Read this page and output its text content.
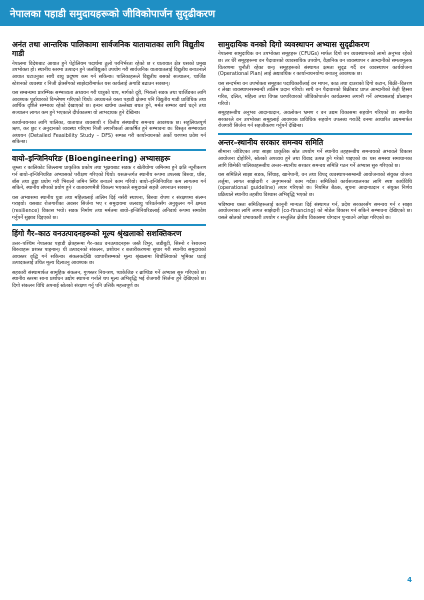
नेपालका पहाडी समुदायहरूको जीविकोपार्जन सुदृढीकरण
अनंत तथा आन्तरिक पालिकामा सार्वजनिक यातायातका लागि विद्युतीय गाडी

नेपालमा विदेशबाट आयात हुने पेट्रोलियम पदार्थमा ठूलो परनिर्भरता रहेको छ र यातायात क्षेत्र यसको प्रमुख उपभोक्ता हो। स्थानीय स्तरमा उत्पादन हुने जलविद्युत्को उपयोग गरी सार्वजनिक यातायातलाई विद्युतीय बनाउनाले आयात घटाउनुका साथै वायु प्रदूषण कम गर्न सकिन्छ। पालिकाहरूले विद्युतीय बसको सञ्चालन, चार्जिङ स्टेशनको व्यवस्था र निजी क्षेत्रसँगको साझेदारीमार्फत यस कार्यलाई अगाडि बढाउन सक्छन्।

यस सम्बन्धमा प्रारम्भिक सम्भाव्यता अध्ययन गरी यात्रुको चाप, मार्गको दूरी, भिरालो सडक तथा चार्जिङका लागि आवश्यक पूर्वाधारको विश्लेषण गरिएको थियो। अध्ययनले यस्ता पहाडी क्षेत्रमा पनि विद्युतीय गाडी प्राविधिक तथा आर्थिक दृष्टिले सम्भाव्य रहेको देखाएको छ। इन्धन खर्चमा उल्लेख्य बचत हुने, मर्मत सम्भार खर्च घट्ने तथा सञ्चालन लागत कम हुने भएकाले दीर्घकालमा यो लाभदायक हुने देखिन्छ।

कार्यान्वयनका लागि पालिका, यातायात व्यवसायी र वित्तीय संस्थाबीच समन्वय आवश्यक छ। सहुलियतपूर्ण ऋण, कर छुट र अनुदानको व्यवस्था गरिएमा निजी लगानीकर्ता आकर्षित हुने सम्भावना छ। विस्तृत सम्भाव्यता अध्ययन (Detailed Feasibility Study – DFS) सम्पन्न गरी कार्यान्वयनको अर्को चरणमा प्रवेश गर्न सकिन्छ।

वायो–इन्जिनियरिङ (Bioengineering) अभ्यासहरू

जुम्ला र कालिकोट जिल्लामा प्राकृतिक प्रकोप तथा भूक्षयबाट सडक र खेतीयोग्य जमिनमा हुने क्षति न्यूनीकरण गर्न बायो–इन्जिनियरिङ अभ्यासको परीक्षण गरिएको थियो। यसअन्तर्गत स्थानीय रूपमा उपलब्ध बिरुवा, घाँस, बाँस तथा ढुङ्गा प्रयोग गरी भिरालो जमिन स्थिर बनाउने काम गरियो। बायो–इन्जिनियरिङ कम लागतमा गर्न सकिने, स्थानीय सीपको प्रयोग हुने र वातावरणमैत्री विकल्प भएकाले समुदायले सहजै अपनाउन सक्छन्।

यस अभ्यासमा स्थानीय युवा तथा महिलालाई तालिम दिई नर्सरी स्थापना, बिरुवा रोपण र संरक्षणमा संलग्न गराइयो। यसबाट रोजगारीका अवसर सिर्जना भए र समुदायमा जलवायु परिवर्तनसँग अनुकूलन गर्ने क्षमता (resilience) विकास भयो। सडक निर्माण तथा मर्मतमा बायो–इन्जिनियरिङलाई अनिवार्य रूपमा समावेश गर्नुपर्ने सुझाव दिइएको छ।

हिंगो गैर–काठ वनउत्पादनहरूको मूल्य श्रृंखलाको सशक्तिकरण

उत्तर–पश्चिम नेपालका पहाडी क्षेत्रहरूमा गैर–काठ वनउत्पादनहरू जस्तै टिमुर, जडीबुटी, सिस्नो र रेसाजन्य बिरुवाहरू प्रशस्त पाइन्छन्। यी उत्पादनको संकलन, प्रशोधन र बजारीकरणमा सुधार गरी स्थानीय समुदायको आयस्तर वृद्धि गर्न सकिन्छ। संकलकदेखि व्यापारीसम्मको मूल्य श्रृंखलामा बिचौलियाको भूमिका घटाई उत्पादकलाई उचित मूल्य दिलाउनु आवश्यक छ।

सहकारी संस्थामार्फत सामूहिक संकलन, गुणस्तर नियन्त्रण, प्याकेजिङ र ब्राण्डिङ गर्ने अभ्यास सुरु गरिएको छ। स्थानीय स्तरमा साना प्रशोधन उद्योग स्थापना गर्नाले थप मूल्य अभिवृद्धि भई रोजगारी सिर्जना हुने देखिएको छ। दिगो संकलन विधि अपनाई स्रोतको संरक्षण गर्नु पनि उत्तिकै महत्त्वपूर्ण छ।

सामुदायिक वनको दिगो व्यवस्थापन अभ्यास सुदृढीकरण

नेपालमा सामुदायिक वन उपभोक्ता समूहहरू (CFUGs) मार्फत दिगो वन व्यवस्थापनको लामो अनुभव रहेको छ। तर धेरै समूहहरूमा वन पैदावारको व्यावसायिक उपयोग, वैज्ञानिक वन व्यवस्थापन र आम्दानीको समतामूलक वितरणमा चुनौती रहेका छन्। समूहहरूको संस्थागत क्षमता सुदृढ गर्दै वन व्यवस्थापन कार्ययोजना (Operational Plan) लाई अद्यावधिक र कार्यान्वयनयोग्य बनाउनु आवश्यक छ।

यस सन्दर्भमा वन उपभोक्ता समूहका पदाधिकारीलाई वन मापन, काठ तथा दाउराको दिगो कटान, बिक्री–वितरण र लेखा व्यवस्थापनसम्बन्धी तालिम प्रदान गरियो। साथै वन पैदावारको बिक्रीबाट प्राप्त आम्दानीको केही हिस्सा गरिब, दलित, महिला तथा विपन्न घरपरिवारको जीविकोपार्जन कार्यक्रममा लगानी गर्ने अभ्यासलाई प्रोत्साहन गरियो।

समूहहरूबीच अनुभव आदानप्रदान, अवलोकन भ्रमण र वन उद्यम विकासमा सहयोग गरिएको छ। स्थानीय सरकारले वन उपभोक्ता समूहलाई आवश्यक प्राविधिक सहयोग उपलब्ध गराउँदै वनमा आधारित उद्यममार्फत रोजगारी सिर्जना गर्न सहजीकरण गर्नुपर्ने देखिन्छ।

अन्तर–स्थानीय सरकार समन्वय समिति

सीमाना जोडिएका तथा साझा प्राकृतिक स्रोत उपयोग गर्ने स्थानीय तहहरूबीच समन्वयको अभावले विकास आयोजना दोहोरिने, स्रोतको अपव्यय हुने तथा विवाद उत्पन्न हुने गरेको पाइएको छ। यस समस्या समाधानका लागि छिमेकी पालिकाहरूबीच अन्तर–स्थानीय सरकार समन्वय समिति गठन गर्ने अभ्यास सुरु गरिएको छ।

यस समितिले साझा सडक, सिँचाइ, खानेपानी, वन तथा विपद् व्यवस्थापनसम्बन्धी आयोजनाको संयुक्त योजना तर्जुमा, लागत साझेदारी र अनुगमनको काम गर्दछ। समितिको कार्यसञ्चालनका लागि स्पष्ट कार्यविधि (operational guideline) तयार गरिएको छ। नियमित बैठक, सूचना आदानप्रदान र संयुक्त निर्णय प्रक्रियाले स्थानीय तहबीच विश्वास अभिवृद्धि भएको छ।

भविष्यमा यस्ता समितिहरूलाई कानूनी मान्यता दिई संस्थागत गर्न, प्रदेश सरकारसँग समन्वय गर्न र साझा आयोजनाका लागि लागत साझेदारी (co-financing) को मोडेल विकास गर्न सकिने सम्भावना देखिएको छ। यसले स्रोतको प्रभावकारी उपयोग र सन्तुलित क्षेत्रीय विकासमा योगदान पुर्‍याउने अपेक्षा गरिएको छ।

4
